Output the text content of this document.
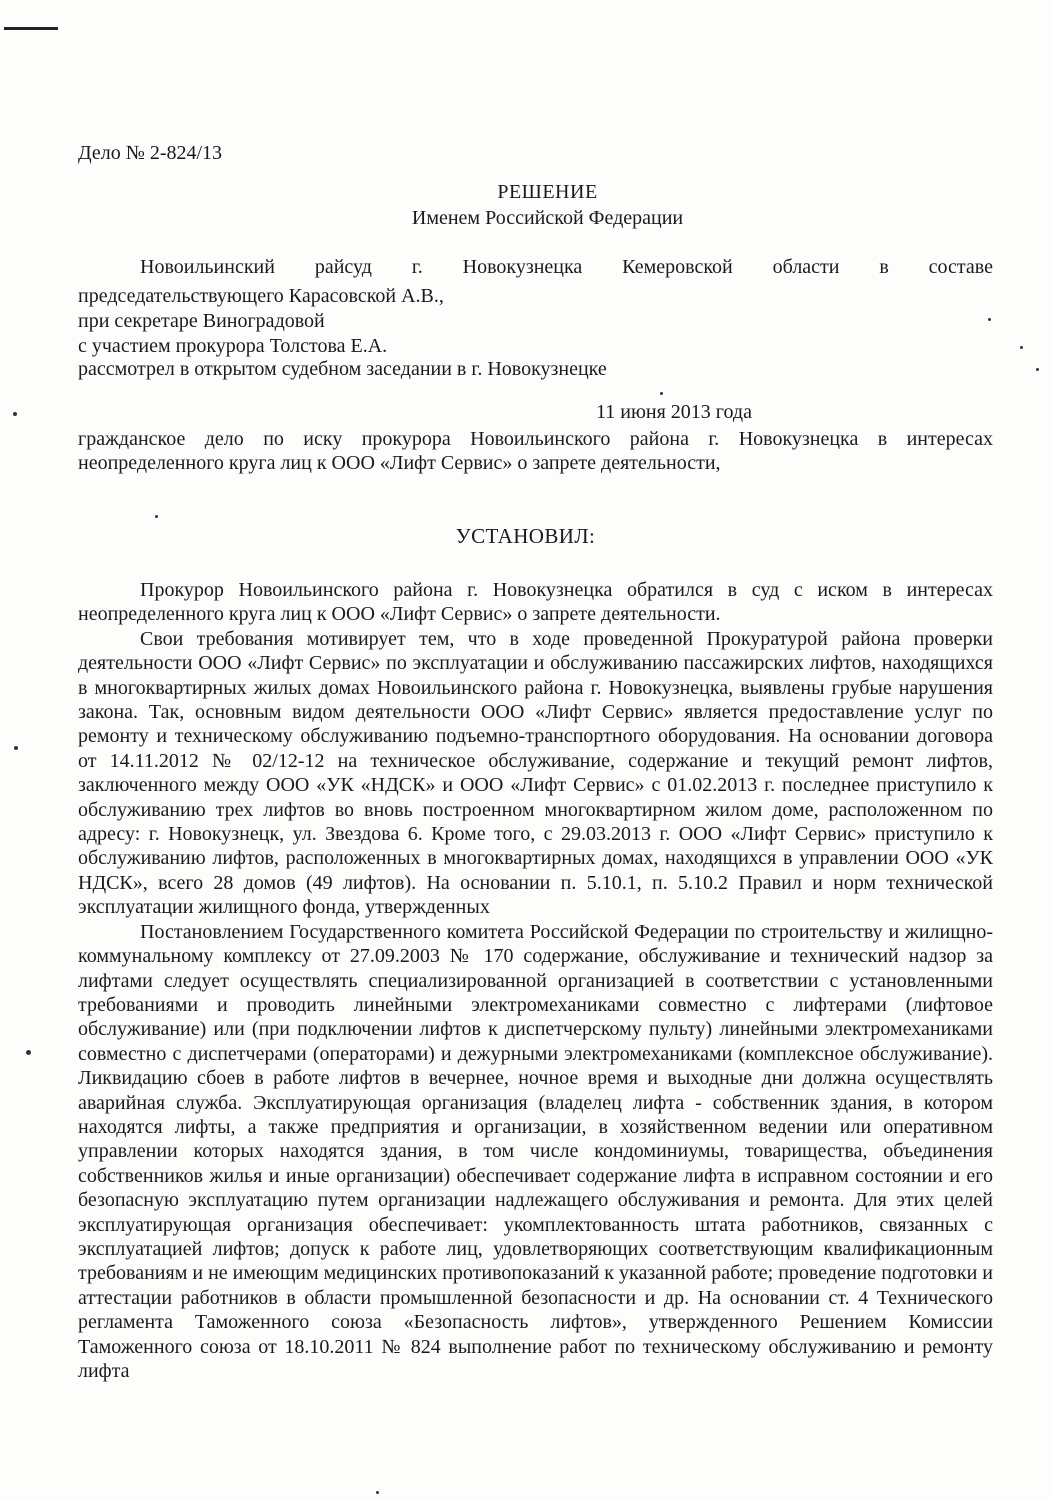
Дело № 2-824/13
РЕШЕНИЕ
Именем Российской Федерации
Новоильинский райсуд г. Новокузнецка Кемеровской области в составе
председательствующего Карасовской А.В.,
при секретаре Виноградовой
с участием прокурора Толстова Е.А.
рассмотрел в открытом судебном заседании в г. Новокузнецке
11 июня 2013 года
гражданское дело по иску прокурора Новоильинского района г. Новокузнецка в интересах неопределенного круга лиц к ООО «Лифт Сервис» о запрете деятельности,
УСТАНОВИЛ:

Прокурор Новоильинского района г. Новокузнецка обратился в суд с иском в интересах неопределенного круга лиц к ООО «Лифт Сервис» о запрете деятельности.

Свои требования мотивирует тем, что в ходе проведенной Прокуратурой района проверки деятельности ООО «Лифт Сервис» по эксплуатации и обслуживанию пассажирских лифтов, находящихся в многоквартирных жилых домах Новоильинского района г. Новокузнецка, выявлены грубые нарушения закона. Так, основным видом деятельности ООО «Лифт Сервис» является предоставление услуг по ремонту и техническому обслуживанию подъемно-транспортного оборудования. На основании договора от 14.11.2012 № 02/12-12 на техническое обслуживание, содержание и текущий ремонт лифтов, заключенного между ООО «УК «НДСК» и ООО «Лифт Сервис» с 01.02.2013 г. последнее приступило к обслуживанию трех лифтов во вновь построенном многоквартирном жилом доме, расположенном по адресу: г. Новокузнецк, ул. Звездова 6. Кроме того, с 29.03.2013 г. ООО «Лифт Сервис» приступило к обслуживанию лифтов, расположенных в многоквартирных домах, находящихся в управлении ООО «УК НДСК», всего 28 домов (49 лифтов). На основании п. 5.10.1, п. 5.10.2 Правил и норм технической эксплуатации жилищного фонда, утвержденных

Постановлением Государственного комитета Российской Федерации по строительству и жилищно-коммунальному комплексу от 27.09.2003 № 170 содержание, обслуживание и технический надзор за лифтами следует осуществлять специализированной организацией в соответствии с установленными требованиями и проводить линейными электромеханиками совместно с лифтерами (лифтовое обслуживание) или (при подключении лифтов к диспетчерскому пульту) линейными электромеханиками совместно с диспетчерами (операторами) и дежурными электромеханиками (комплексное обслуживание). Ликвидацию сбоев в работе лифтов в вечернее, ночное время и выходные дни должна осуществлять аварийная служба. Эксплуатирующая организация (владелец лифта - собственник здания, в котором находятся лифты, а также предприятия и организации, в хозяйственном ведении или оперативном управлении которых находятся здания, в том числе кондоминиумы, товарищества, объединения собственников жилья и иные организации) обеспечивает содержание лифта в исправном состоянии и его безопасную эксплуатацию путем организации надлежащего обслуживания и ремонта. Для этих целей эксплуатирующая организация обеспечивает: укомплектованность штата работников, связанных с эксплуатацией лифтов; допуск к работе лиц, удовлетворяющих соответствующим квалификационным требованиям и не имеющим медицинских противопоказаний к указанной работе; проведение подготовки и аттестации работников в области промышленной безопасности и др. На основании ст. 4 Технического регламента Таможенного союза «Безопасность лифтов», утвержденного Решением Комиссии Таможенного союза от 18.10.2011 № 824 выполнение работ по техническому обслуживанию и ремонту лифта
